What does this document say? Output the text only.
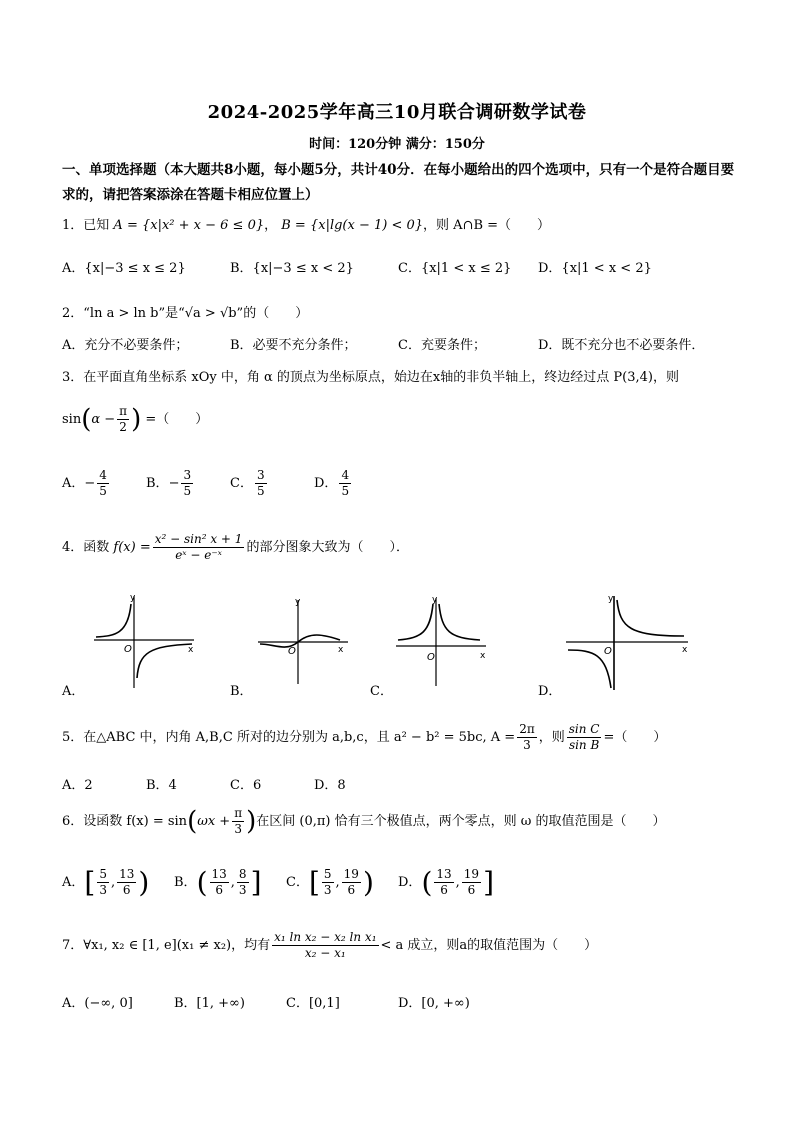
2024-2025学年高三10月联合调研数学试卷
时间：120分钟 满分：150分
一、单项选择题（本大题共8小题，每小题5分，共计40分．在每小题给出的四个选项中，只有一个是符合题目要求的，请把答案添涂在答题卡相应位置上）
1．已知 A = {x|x² + x − 6 ≤ 0}， B = {x|lg(x − 1) < 0}，则 A∩B =（　　）
A．{x|−3 ≤ x ≤ 2}	B．{x|−3 ≤ x < 2}	C．{x|1 < x ≤ 2} D．{x|1 < x < 2}
2．“ln a > ln b”是“√a > √b”的（　　）
A．充分不必要条件；	B．必要不充分条件；	C．充要条件；	D．既不充分也不必要条件．
3．在平面直角坐标系 xOy 中，角 α 的顶点为坐标原点，始边在x轴的非负半轴上，终边经过点 P(3,4)，则
$\sin(\alpha - \frac{\pi}{2}$ ) =（　　）
A．− $\frac{4}{5}$	B．− $\frac{3}{5}$	C． $\frac{3}{5}$	D． $\frac{4}{5}$
4．函数 $f(x) = \frac{\text{x² − sin² x + 1}}{\text{eˣ − e⁻ˣ}}$ 的部分图象大致为（　　）．
y
x
O
A．
y
x
O
B．
y
x
O
C．
y
x
O
D．
5．在△ABC 中，内角 A,B,C 所对的边分别为 a,b,c，且 a² − b² = 5bc, $A = \frac{2\pi}{3}$ ，则 $\frac{\text{sin C}}{\text{sin B}}$ =（　　）
A．2	B．4	C．6	D．8
6．设函数 $f(x) = \sin(\omega x + \frac{\pi}{3}$ )在区间 (0,π) 恰有三个极值点，两个零点，则 ω 的取值范围是（　　）
A．[ $\frac{5}{3}$ , $\frac{13}{6}$ ) B．( $\frac{13}{6}$ , $\frac{8}{3}$ ] C．[ $\frac{5}{3}$ , $\frac{19}{6}$ ) D．( $\frac{13}{6}$ , $\frac{19}{6}$ ]
7．∀x₁, x₂ ∈ [1, e](x₁ ≠ x₂)，均有 $\frac{\text{x₁ ln x₂ − x₂ ln x₁}}{\text{x₂ − x₁}} < a$ 成立，则a的取值范围为（　　）
A．(−∞, 0]	B．[1, +∞)	C．[0,1]	D．[0, +∞)
